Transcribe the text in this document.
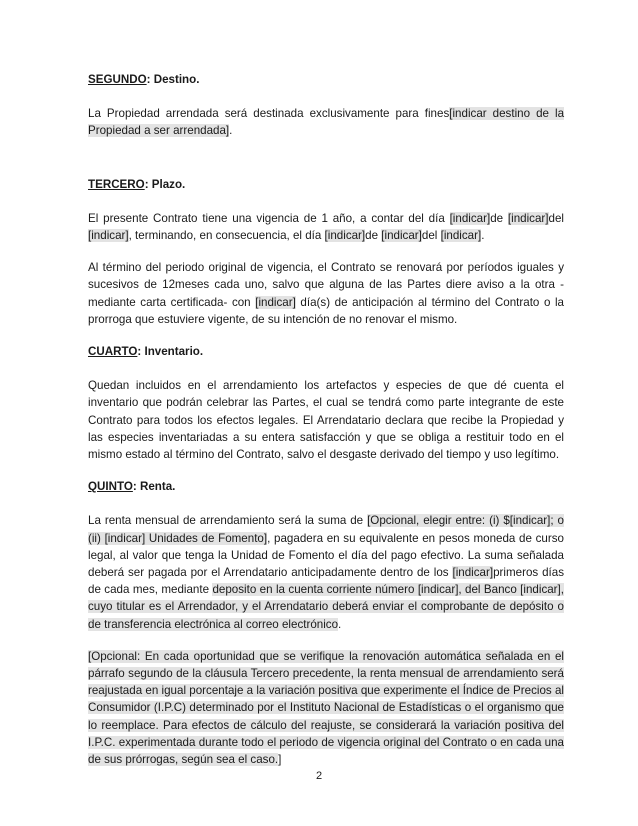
SEGUNDO: Destino.

La Propiedad arrendada será destinada exclusivamente para fines[indicar destino de la Propiedad a ser arrendada].

TERCERO: Plazo.

El presente Contrato tiene una vigencia de 1 año, a contar del día [indicar]de [indicar]del [indicar], terminando, en consecuencia, el día [indicar]de [indicar]del [indicar].

Al término del periodo original de vigencia, el Contrato se renovará por períodos iguales y sucesivos de 12meses cada uno, salvo que alguna de las Partes diere aviso a la otra -mediante carta certificada- con [indicar] día(s) de anticipación al término del Contrato o la prorroga que estuviere vigente, de su intención de no renovar el mismo.

CUARTO: Inventario.

Quedan incluidos en el arrendamiento los artefactos y especies de que dé cuenta el inventario que podrán celebrar las Partes, el cual se tendrá como parte integrante de este Contrato para todos los efectos legales. El Arrendatario declara que recibe la Propiedad y las especies inventariadas a su entera satisfacción y que se obliga a restituir todo en el mismo estado al término del Contrato, salvo el desgaste derivado del tiempo y uso legítimo.

QUINTO: Renta.

La renta mensual de arrendamiento será la suma de [Opcional, elegir entre: (i) $[indicar]; o (ii) [indicar] Unidades de Fomento], pagadera en su equivalente en pesos moneda de curso legal, al valor que tenga la Unidad de Fomento el día del pago efectivo. La suma señalada deberá ser pagada por el Arrendatario anticipadamente dentro de los [indicar]primeros días de cada mes, mediante deposito en la cuenta corriente número [indicar], del Banco [indicar], cuyo titular es el Arrendador, y el Arrendatario deberá enviar el comprobante de depósito o de transferencia electrónica al correo electrónico.

[Opcional: En cada oportunidad que se verifique la renovación automática señalada en el párrafo segundo de la cláusula Tercero precedente, la renta mensual de arrendamiento será reajustada en igual porcentaje a la variación positiva que experimente el Índice de Precios al Consumidor (I.P.C) determinado por el Instituto Nacional de Estadísticas o el organismo que lo reemplace. Para efectos de cálculo del reajuste, se considerará la variación positiva del I.P.C. experimentada durante todo el periodo de vigencia original del Contrato o en cada una de sus prórrogas, según sea el caso.]

2
